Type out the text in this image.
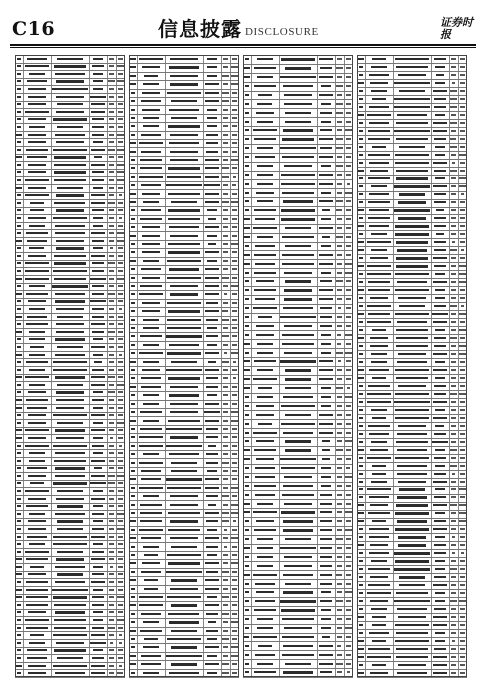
C16	信息披露 DISCLOSURE
证券时报
